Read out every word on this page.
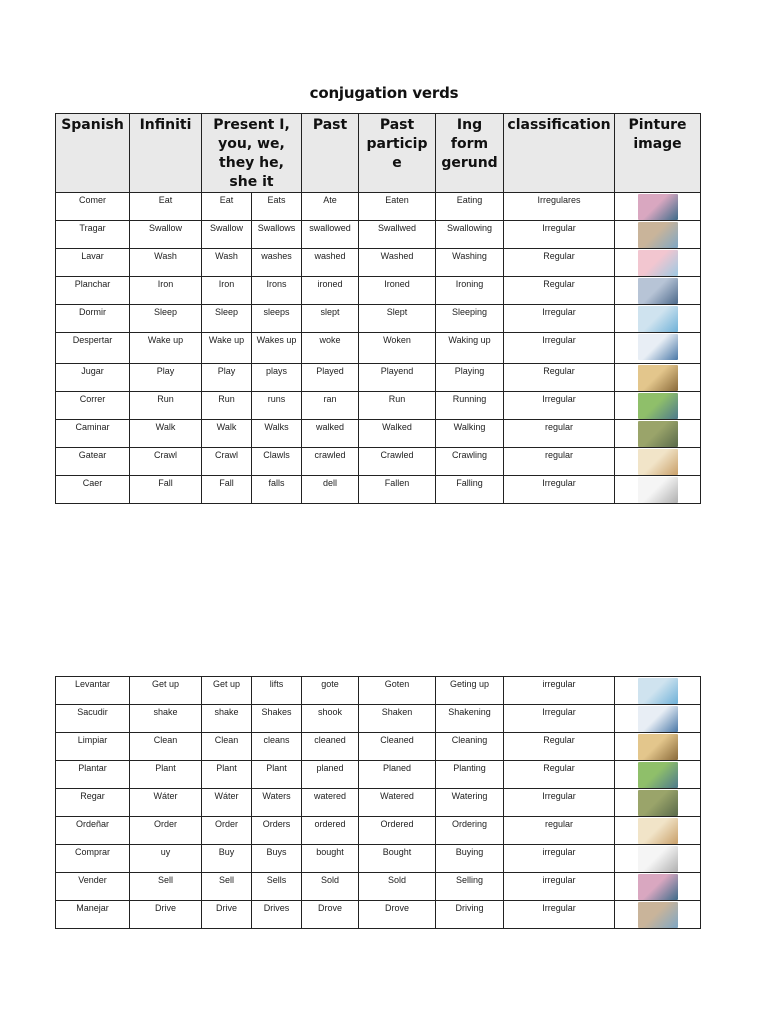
conjugation verds
Spanish	Infiniti	Present I, you, we, they he, she it		Past	Past particip e	Ing form gerund	classification	Pinture image
Comer	Eat	Eat	Eats	Ate	Eaten	Eating	Irregulares	

Tragar	Swallow	Swallow	Swallows	swallowed	Swallwed	Swallowing	Irregular	

Lavar	Wash	Wash	washes	washed	Washed	Washing	Regular	

Planchar	Iron	Iron	Irons	ironed	Ironed	Ironing	Regular	

Dormir	Sleep	Sleep	sleeps	slept	Slept	Sleeping	Irregular	

Despertar	Wake up	Wake up	Wakes up	woke	Woken	Waking up	Irregular	

Jugar	Play	Play	plays	Played	Playend	Playing	Regular	

Correr	Run	Run	runs	ran	Run	Running	Irregular	

Caminar	Walk	Walk	Walks	walked	Walked	Walking	regular	

Gatear	Crawl	Crawl	Clawls	crawled	Crawled	Crawling	regular	

Caer	Fall	Fall	falls	dell	Fallen	Falling	Irregular	
Levantar	Get up	Get up	lifts	gote	Goten	Geting up	irregular	

Sacudir	shake	shake	Shakes	shook	Shaken	Shakening	Irregular	

Limpiar	Clean	Clean	cleans	cleaned	Cleaned	Cleaning	Regular	

Plantar	Plant	Plant	Plant	planed	Planed	Planting	Regular	

Regar	Wáter	Wáter	Waters	watered	Watered	Watering	Irregular	

Ordeñar	Order	Order	Orders	ordered	Ordered	Ordering	regular	

Comprar	uy	Buy	Buys	bought	Bought	Buying	irregular	

Vender	Sell	Sell	Sells	Sold	Sold	Selling	irregular	

Manejar	Drive	Drive	Drives	Drove	Drove	Driving	Irregular	
